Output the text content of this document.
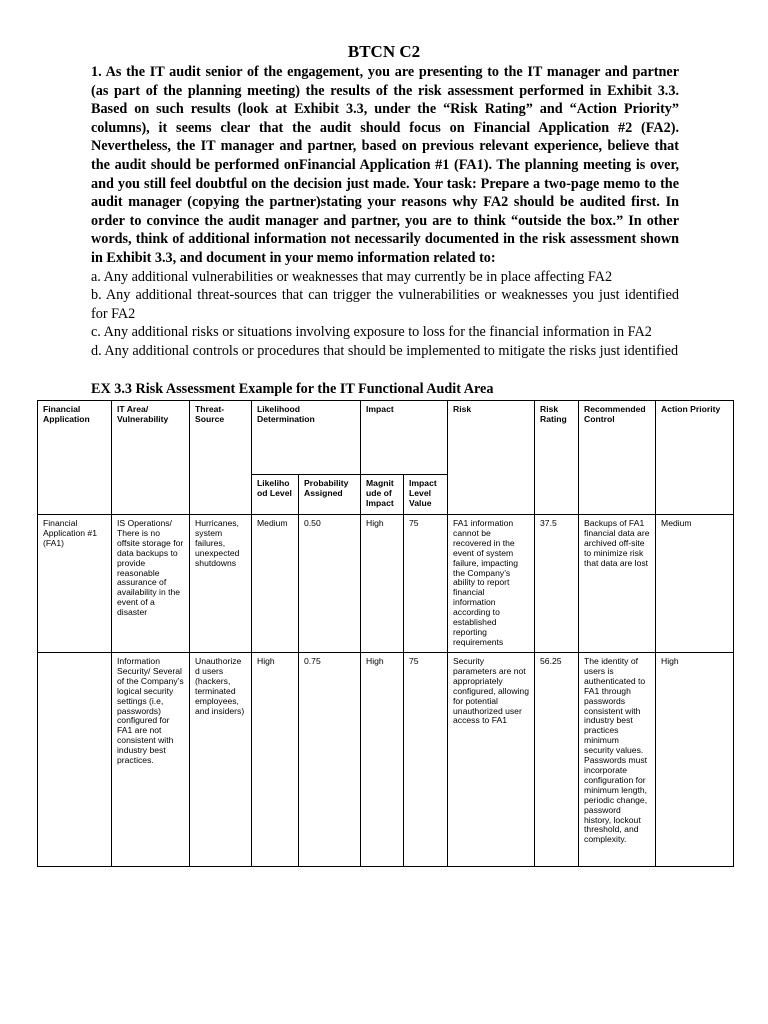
BTCN C2

1. As the IT audit senior of the engagement, you are presenting to the IT manager and partner (as part of the planning meeting) the results of the risk assessment performed in Exhibit 3.3. Based on such results (look at Exhibit 3.3, under the “Risk Rating” and “Action Priority” columns), it seems clear that the audit should focus on Financial Application #2 (FA2). Nevertheless, the IT manager and partner, based on previous relevant experience, believe that the audit should be performed onFinancial Application #1 (FA1). The planning meeting is over, and you still feel doubtful on the decision just made. Your task: Prepare a two-page memo to the audit manager (copying the partner)stating your reasons why FA2 should be audited first. In order to convince the audit manager and partner, you are to think “outside the box.” In other words, think of additional information not necessarily documented in the risk assessment shown in Exhibit 3.3, and document in your memo information related to:

a. Any additional vulnerabilities or weaknesses that may currently be in place affecting FA2

b. Any additional threat-sources that can trigger the vulnerabilities or weaknesses you just identified for FA2

c. Any additional risks or situations involving exposure to loss for the financial information in FA2

d. Any additional controls or procedures that should be implemented to mitigate the risks just identified

EX 3.3 Risk Assessment Example for the IT Functional Audit Area
Financial Application	IT Area/ Vulnerability	Threat-Source	Likelihood Determination		Impact		Risk	Risk Rating	Recommended Control	Action Priority
			Likelihood Level	Probability Assigned	Magnitude of Impact	Impact Level Value				
Financial Application #1 (FA1)	IS Operations/ There is no offsite storage for data backups to provide reasonable assurance of availability in the event of a disaster	Hurricanes, system failures, unexpected shutdowns	Medium	0.50	High	75	FA1 information cannot be recovered in the event of system failure, impacting the Company’s ability to report financial information according to established reporting requirements	37.5	Backups of FA1 financial data are archived off-site to minimize risk that data are lost	Medium
	Information Security/ Several of the Company’s logical security settings (i.e, passwords) configured for FA1 are not consistent with industry best practices.	Unauthorized users (hackers, terminated employees, and insiders)	High	0.75	High	75	Security parameters are not appropriately configured, allowing for potential unauthorized user access to FA1	56.25	The identity of users is authenticated to FA1 through passwords consistent with industry best practices minimum security values. Passwords must incorporate configuration for minimum length, periodic change, password history, lockout threshold, and complexity.	High
